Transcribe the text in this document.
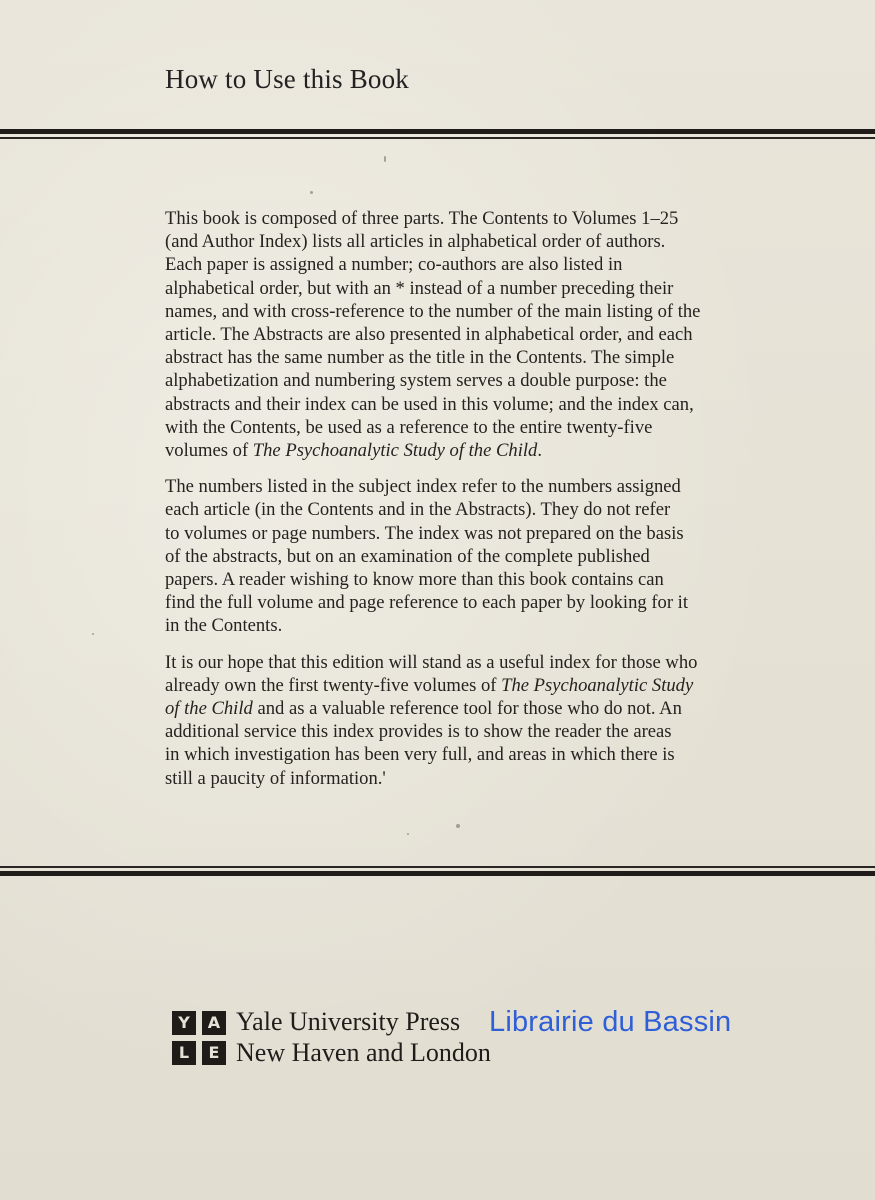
How to Use this Book

This book is composed of three parts. The Contents to Volumes 1–25
(and Author Index) lists all articles in alphabetical order of authors.
Each paper is assigned a number; co-authors are also listed in
alphabetical order, but with an * instead of a number preceding their
names, and with cross-reference to the number of the main listing of the
article. The Abstracts are also presented in alphabetical order, and each
abstract has the same number as the title in the Contents. The simple
alphabetization and numbering system serves a double purpose: the
abstracts and their index can be used in this volume; and the index can,
with the Contents, be used as a reference to the entire twenty-five
volumes of The Psychoanalytic Study of the Child.

The numbers listed in the subject index refer to the numbers assigned
each article (in the Contents and in the Abstracts). They do not refer
to volumes or page numbers. The index was not prepared on the basis
of the abstracts, but on an examination of the complete published
papers. A reader wishing to know more than this book contains can
find the full volume and page reference to each paper by looking for it
in the Contents.

It is our hope that this edition will stand as a useful index for those who
already own the first twenty-five volumes of The Psychoanalytic Study
of the Child and as a valuable reference tool for those who do not. An
additional service this index provides is to show the reader the areas
in which investigation has been very full, and areas in which there is
still a paucity of information.'

Y	A
L	E
Yale University Press
New Haven and London
Librairie du Bassin
